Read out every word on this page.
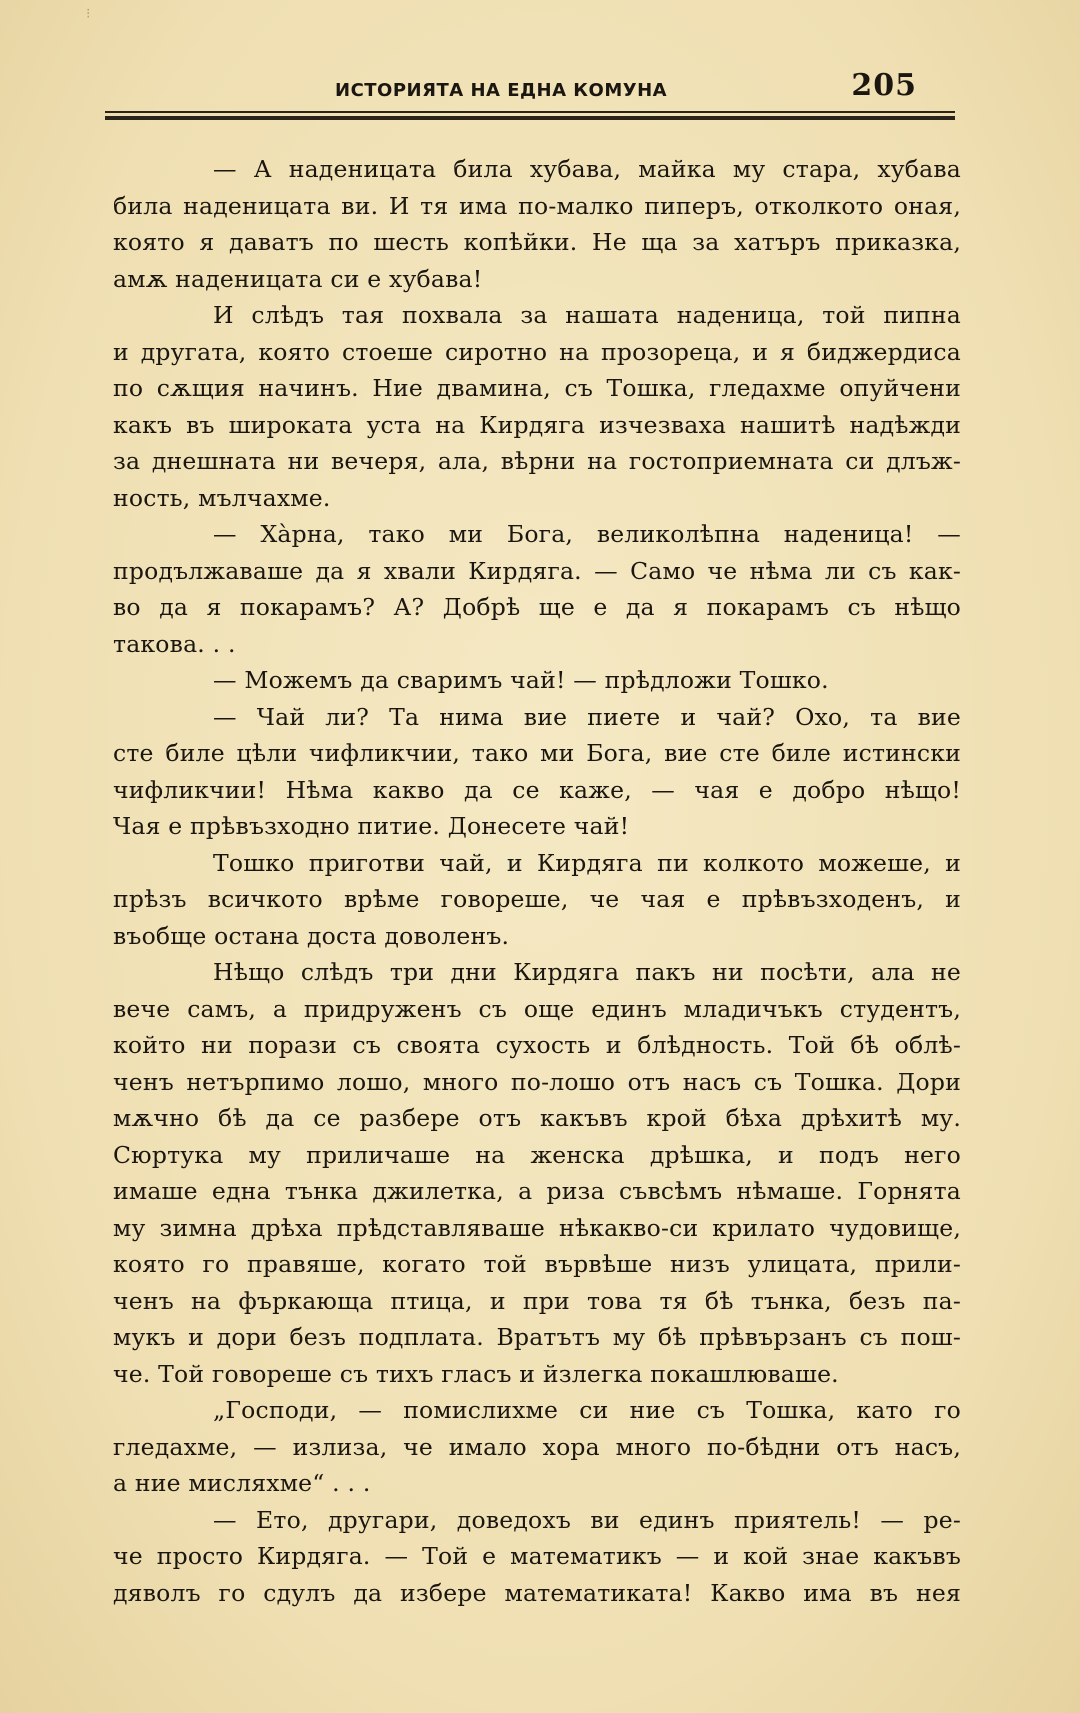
⁝
ИСТОРИЯТА НА ЕДНА КОМУНА	205
— А наденицата била хубава, майка му стара, хубава
била наденицата ви. И тя има по-малко пиперъ, отколкото оная,
която я даватъ по шесть копѣйки. Не ща за хатъръ приказка,
амѫ наденицата си е хубава!
И слѣдъ тая похвала за нашата наденица, той пипна
и другата, която стоеше сиротно на прозореца, и я биджердиса
по сѫщия начинъ. Ние двамина, съ Тошка, гледахме опуйчени
какъ въ широката уста на Кирдяга изчезваха нашитѣ надѣжди
за днешната ни вечеря, ала, вѣрни на гостоприемната си длъж-
ность, мълчахме.
— Хàрна, тако ми Бога, великолѣпна наденица! —
продължаваше да я хвали Кирдяга. — Само че нѣма ли съ как-
во да я покарамъ? А? Добрѣ ще е да я покарамъ съ нѣщо
такова. . .
— Можемъ да сваримъ чай! — прѣдложи Тошко.
— Чай ли? Та нима вие пиете и чай? Охо, та вие
сте биле цѣли чифликчии, тако ми Бога, вие сте биле истински
чифликчии! Нѣма какво да се каже, — чая е добро нѣщо!
Чая е прѣвъзходно питие. Донесете чай!
Тошко приготви чай, и Кирдяга пи колкото можеше, и
прѣзъ всичкото врѣме говореше, че чая е прѣвъзходенъ, и
въобще остана доста доволенъ.
Нѣщо слѣдъ три дни Кирдяга пакъ ни посѣти, ала не
вече самъ, а придруженъ съ още единъ младичъкъ студентъ,
който ни порази съ своята сухость и блѣдность. Той бѣ облѣ-
ченъ нетърпимо лошо, много по-лошо отъ насъ съ Тошка. Дори
мѫчно бѣ да се разбере отъ какъвъ крой бѣха дрѣхитѣ му.
Сюртука му приличаше на женска дрѣшка, и подъ него
имаше една тънка джилетка, а риза съвсѣмъ нѣмаше. Горнята
му зимна дрѣха прѣдставляваше нѣкакво-си крилато чудовище,
която го правяше, когато той вървѣше низъ улицата, прили-
ченъ на фъркающа птица, и при това тя бѣ тънка, безъ па-
мукъ и дори безъ подплата. Вратътъ му бѣ прѣвързанъ съ пош-
че. Той говореше съ тихъ гласъ и йзлегка покашлюваше.
„Господи, — помислихме си ние съ Тошка, като го
гледахме, — излиза, че имало хора много по-бѣдни отъ насъ,
а ние мисляхме“ . . .
— Ето, другари, доведохъ ви единъ приятель! — ре-
че просто Кирдяга. — Той е математикъ — и кой знае какъвъ
дяволъ го сдулъ да избере математиката! Какво има въ нея
